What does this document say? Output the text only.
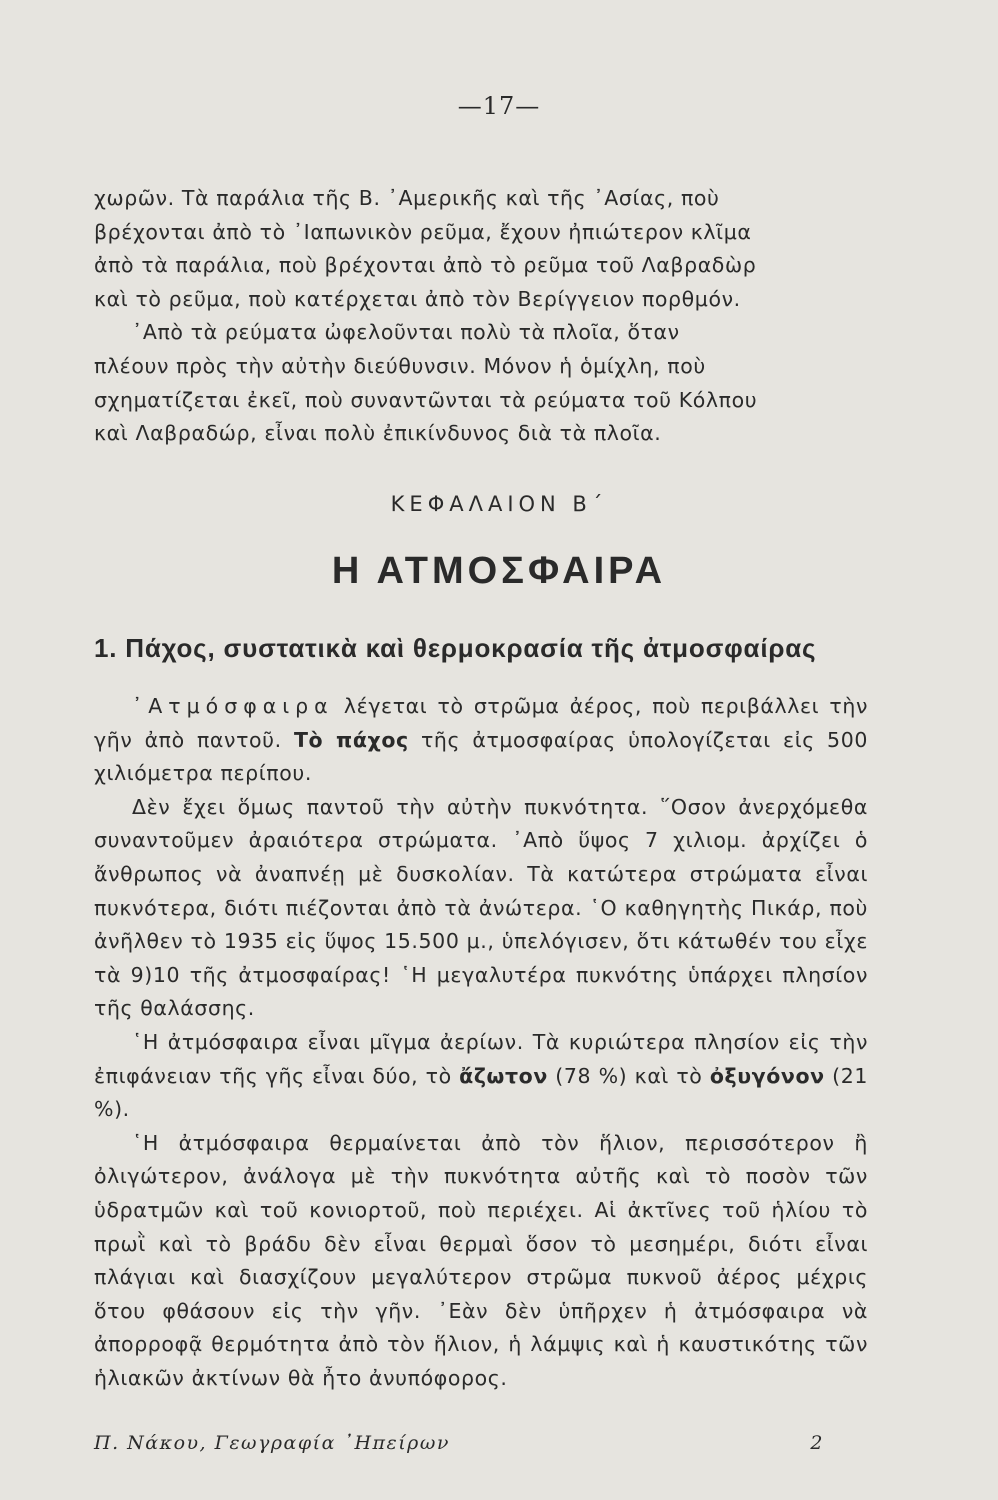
—17—

χωρῶν. Τὰ παράλια τῆς Β. ᾽Αμερικῆς καὶ τῆς ᾽Ασίας, ποὺ

βρέχονται ἀπὸ τὸ ᾽Ιαπωνικὸν ρεῦμα, ἔχουν ἠπιώτερον κλῖμα

ἀπὸ τὰ παράλια, ποὺ βρέχονται ἀπὸ τὸ ρεῦμα τοῦ Λαβραδὼρ

καὶ τὸ ρεῦμα, ποὺ κατέρχεται ἀπὸ τὸν Βερίγγειον πορθμόν.

᾽Απὸ τὰ ρεύματα ὠφελοῦνται πολὺ τὰ πλοῖα, ὅταν

πλέουν πρὸς τὴν αὐτὴν διεύθυνσιν. Μόνον ἡ ὁμίχλη, ποὺ

σχηματίζεται ἐκεῖ, ποὺ συναντῶνται τὰ ρεύματα τοῦ Κόλπου

καὶ Λαβραδώρ, εἶναι πολὺ ἐπικίνδυνος διὰ τὰ πλοῖα.

ΚΕΦΑΛΑΙΟΝ Β΄
Η ΑΤΜΟΣΦΑΙΡΑ
1. Πάχος, συστατικὰ καὶ θερμοκρασία τῆς ἀτμοσφαίρας

᾽Ατμόσφαιρα λέγεται τὸ στρῶμα ἀέρος, ποὺ περιβάλλει τὴν γῆν ἀπὸ παντοῦ. Τὸ πάχος τῆς ἀτμοσφαίρας ὑπολογίζεται εἰς 500 χιλιόμετρα περίπου.

Δὲν ἔχει ὅμως παντοῦ τὴν αὐτὴν πυκνότητα. ῞Οσον ἀνερχόμεθα συναντοῦμεν ἀραιότερα στρώματα. ᾽Απὸ ὕψος 7 χιλιομ. ἀρχίζει ὁ ἄνθρωπος νὰ ἀναπνέῃ μὲ δυσκολίαν. Τὰ κατώτερα στρώματα εἶναι πυκνότερα, διότι πιέζονται ἀπὸ τὰ ἀνώτερα. ῾Ο καθηγητὴς Πικάρ, ποὺ ἀνῆλθεν τὸ 1935 εἰς ὕψος 15.500 μ., ὑπελόγισεν, ὅτι κάτωθέν του εἶχε τὰ 9)10 τῆς ἀτμοσφαίρας! ῾Η μεγαλυτέρα πυκνότης ὑπάρχει πλησίον τῆς θαλάσσης.

῾Η ἀτμόσφαιρα εἶναι μῖγμα ἀερίων. Τὰ κυριώτερα πλησίον εἰς τὴν ἐπιφάνειαν τῆς γῆς εἶναι δύο, τὸ ἄζωτον (78 %) καὶ τὸ ὀξυγόνον (21 %).

῾Η ἀτμόσφαιρα θερμαίνεται ἀπὸ τὸν ἥλιον, περισσότερον ἢ ὀλιγώτερον, ἀνάλογα μὲ τὴν πυκνότητα αὐτῆς καὶ τὸ ποσὸν τῶν ὑδρατμῶν καὶ τοῦ κονιορτοῦ, ποὺ περιέχει. Αἱ ἀκτῖνες τοῦ ἡλίου τὸ πρωῒ καὶ τὸ βράδυ δὲν εἶναι θερμαὶ ὅσον τὸ μεσημέρι, διότι εἶναι πλάγιαι καὶ διασχίζουν μεγαλύτερον στρῶμα πυκνοῦ ἀέρος μέχρις ὅτου φθάσουν εἰς τὴν γῆν. ᾽Εὰν δὲν ὑπῆρχεν ἡ ἀτμόσφαιρα νὰ ἀπορροφᾷ θερμότητα ἀπὸ τὸν ἥλιον, ἡ λάμψις καὶ ἡ καυστικότης τῶν ἡλιακῶν ἀκτίνων θὰ ἦτο ἀνυπόφορος.

Π. Νάκου, Γεωγραφία ᾽Ηπείρων	2
